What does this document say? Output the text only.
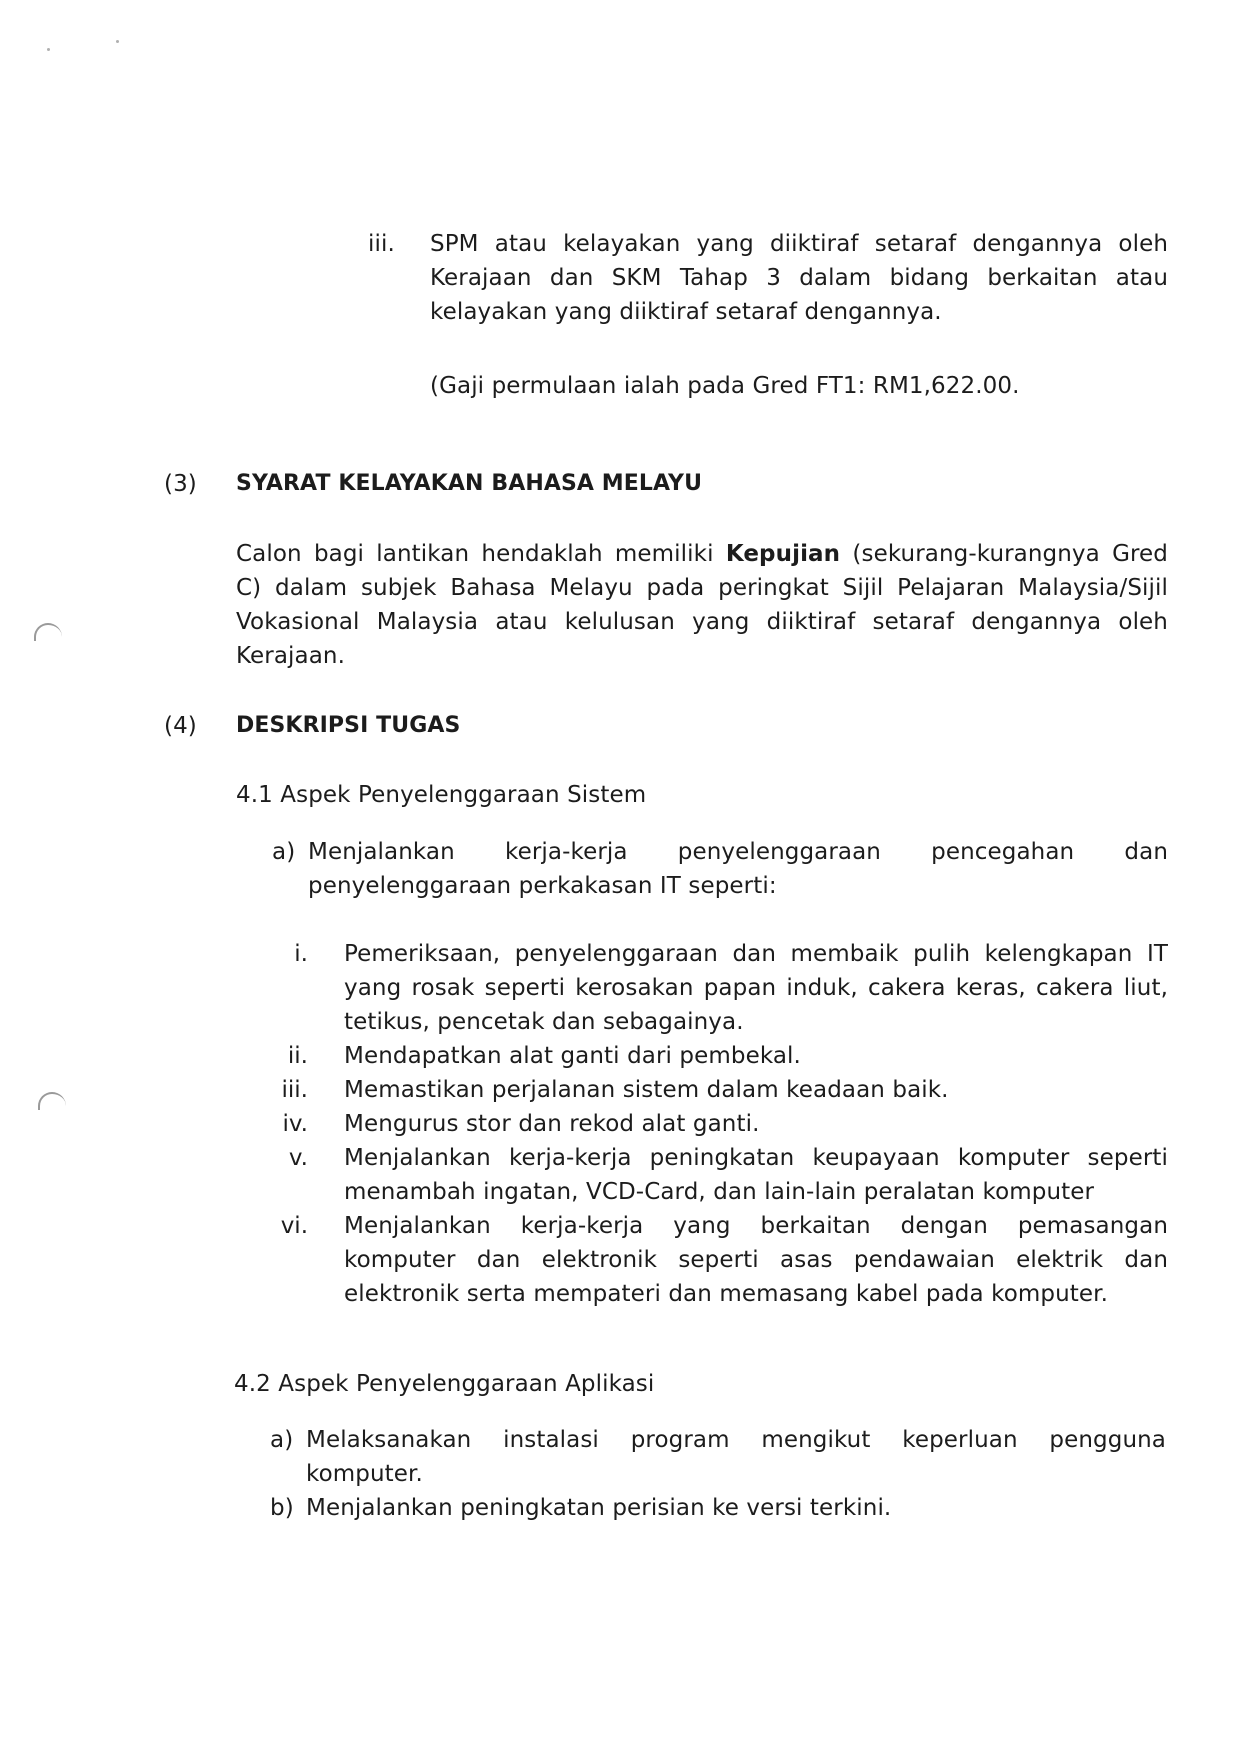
iii. SPM atau kelayakan yang diiktiraf setaraf dengannya oleh
Kerajaan dan SKM Tahap 3 dalam bidang berkaitan atau
kelayakan yang diiktiraf setaraf dengannya.
(Gaji permulaan ialah pada Gred FT1: RM1,622.00.
(3) SYARAT KELAYAKAN BAHASA MELAYU
Calon bagi lantikan hendaklah memiliki Kepujian (sekurang-kurangnya Gred
C) dalam subjek Bahasa Melayu pada peringkat Sijil Pelajaran Malaysia/Sijil
Vokasional Malaysia atau kelulusan yang diiktiraf setaraf dengannya oleh
Kerajaan.
(4) DESKRIPSI TUGAS
4.1 Aspek Penyelenggaraan Sistem
a) Menjalankan kerja-kerja penyelenggaraan pencegahan dan
penyelenggaraan perkakasan IT seperti:
i. Pemeriksaan, penyelenggaraan dan membaik pulih kelengkapan IT
yang rosak seperti kerosakan papan induk, cakera keras, cakera liut,
tetikus, pencetak dan sebagainya.
ii. Mendapatkan alat ganti dari pembekal.
iii. Memastikan perjalanan sistem dalam keadaan baik.
iv. Mengurus stor dan rekod alat ganti.
v. Menjalankan kerja-kerja peningkatan keupayaan komputer seperti
menambah ingatan, VCD-Card, dan lain-lain peralatan komputer
vi. Menjalankan kerja-kerja yang berkaitan dengan pemasangan
komputer dan elektronik seperti asas pendawaian elektrik dan
elektronik serta mempateri dan memasang kabel pada komputer.
4.2 Aspek Penyelenggaraan Aplikasi
a) Melaksanakan instalasi program mengikut keperluan pengguna
komputer.
b) Menjalankan peningkatan perisian ke versi terkini.
